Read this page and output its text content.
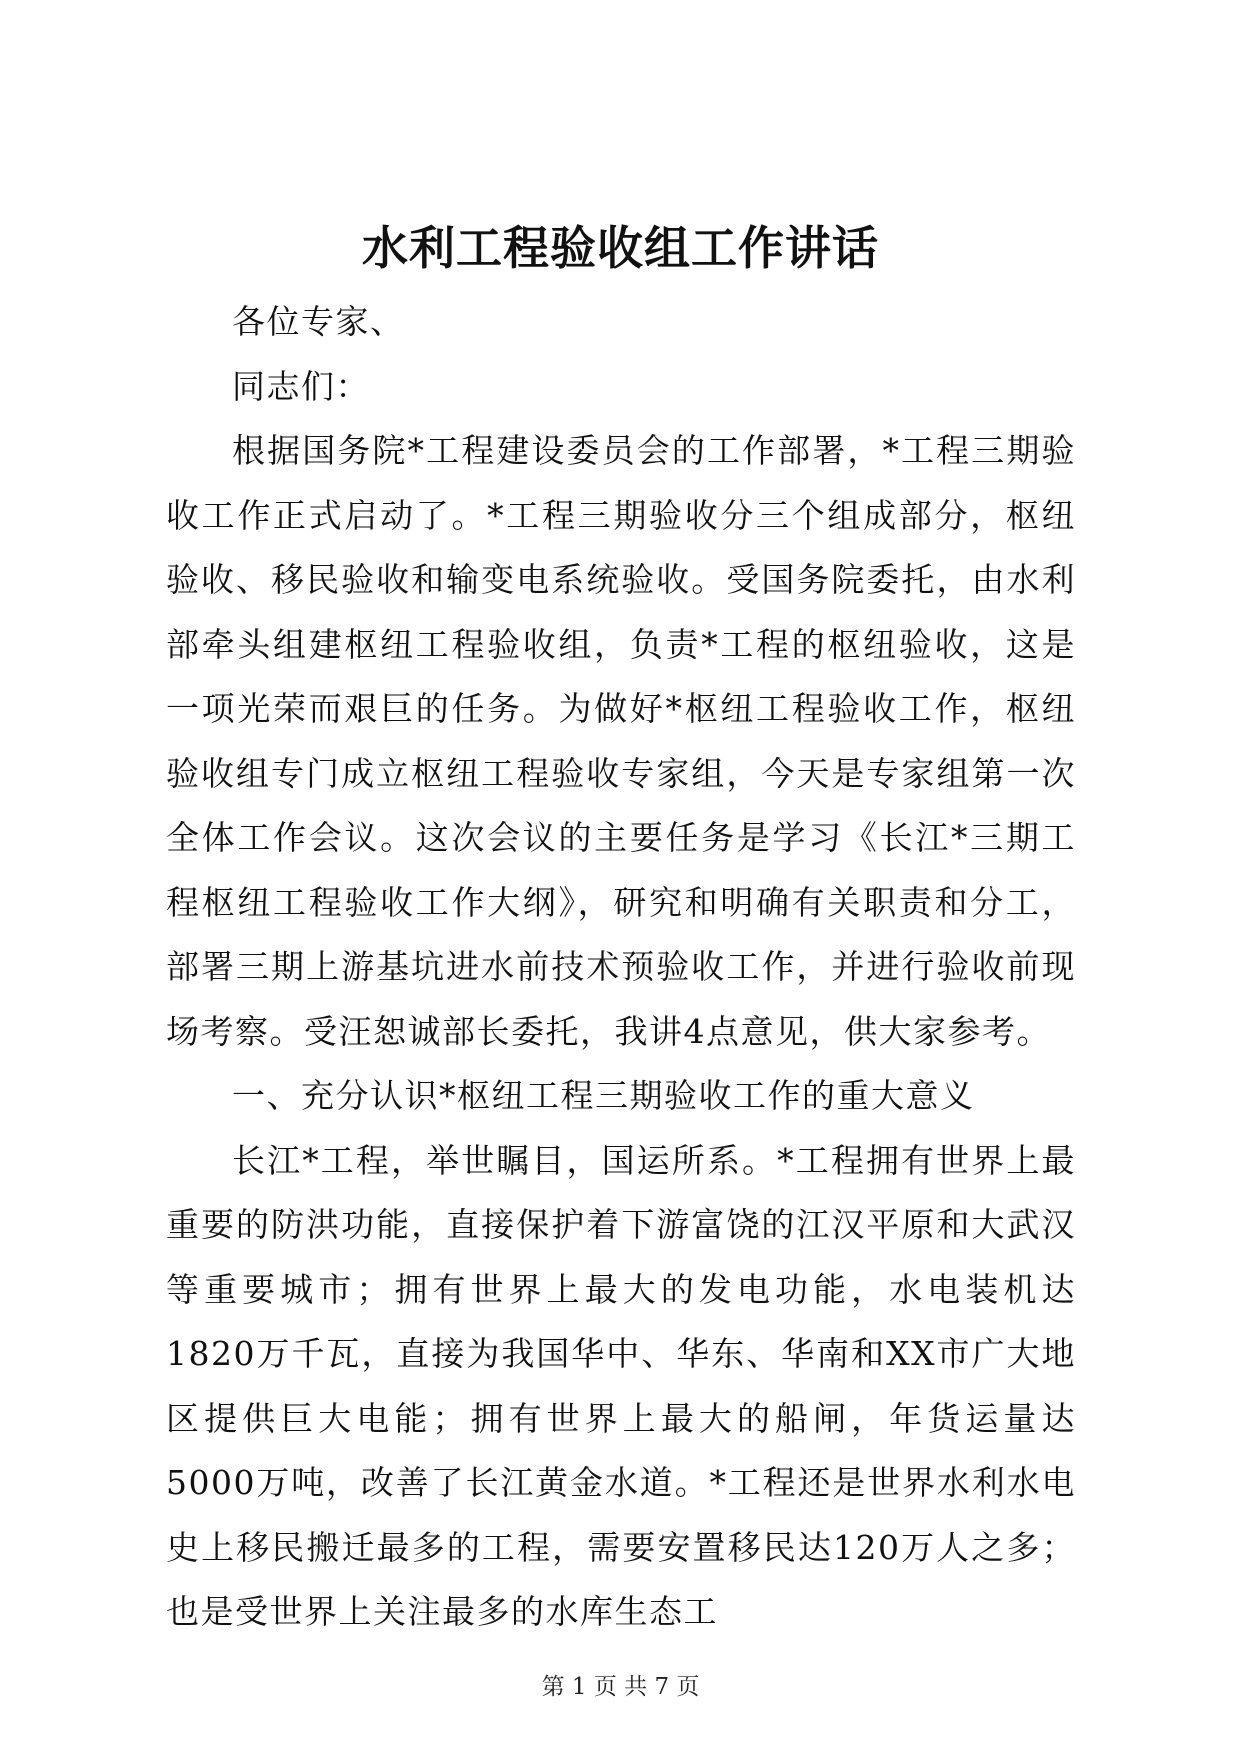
水利工程验收组工作讲话

各位专家、

同志们：

根据国务院*工程建设委员会的工作部署，*工程三期验收工作正式启动了。*工程三期验收分三个组成部分，枢纽验收、移民验收和输变电系统验收。受国务院委托，由水利部牵头组建枢纽工程验收组，负责*工程的枢纽验收，这是一项光荣而艰巨的任务。为做好*枢纽工程验收工作，枢纽验收组专门成立枢纽工程验收专家组，今天是专家组第一次全体工作会议。这次会议的主要任务是学习《长江*三期工程枢纽工程验收工作大纲》，研究和明确有关职责和分工，部署三期上游基坑进水前技术预验收工作，并进行验收前现场考察。受汪恕诚部长委托，我讲4点意见，供大家参考。

一、充分认识*枢纽工程三期验收工作的重大意义

长江*工程，举世瞩目，国运所系。*工程拥有世界上最重要的防洪功能，直接保护着下游富饶的江汉平原和大武汉等重要城市；拥有世界上最大的发电功能，水电装机达1820万千瓦，直接为我国华中、华东、华南和XX市广大地区提供巨大电能；拥有世界上最大的船闸，年货运量达5000万吨，改善了长江黄金水道。*工程还是世界水利水电史上移民搬迁最多的工程，需要安置移民达120万人之多；也是受世界上关注最多的水库生态工

第 1 页 共 7 页
